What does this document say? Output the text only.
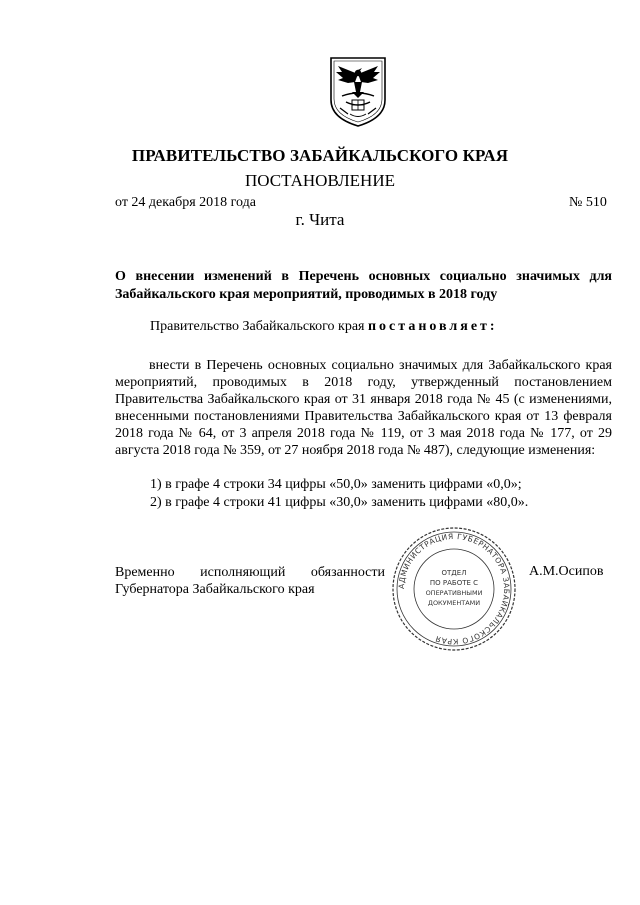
ПРАВИТЕЛЬСТВО ЗАБАЙКАЛЬСКОГО КРАЯ
ПОСТАНОВЛЕНИЕ
от 24 декабря 2018 года	№ 510
г. Чита
О внесении изменений в Перечень основных социально значимых для Забайкальского края мероприятий, проводимых в 2018 году
Правительство Забайкальского края постановляет:
внести в Перечень основных социально значимых для Забайкальского края мероприятий, проводимых в 2018 году, утвержденный постановлением Правительства Забайкальского края от 31 января 2018 года № 45 (с изменениями, внесенными постановлениями Правительства Забайкальского края от 13 февраля 2018 года № 64, от 3 апреля 2018 года № 119, от 3 мая 2018 года № 177, от 29 августа 2018 года № 359, от 27 ноября 2018 года № 487), следующие изменения:
1) в графе 4 строки 34 цифры «50,0» заменить цифрами «0,0»;
2) в графе 4 строки 41 цифры «30,0» заменить цифрами «80,0».
Временно исполняющий обязанности
Губернатора Забайкальского края
А.М.Осипов
АДМИНИСТРАЦИЯ ГУБЕРНАТОРА ЗАБАЙКАЛЬСКОГО КРАЯ
ОТДЕЛ
ПО РАБОТЕ С
ОПЕРАТИВНЫМИ
ДОКУМЕНТАМИ
